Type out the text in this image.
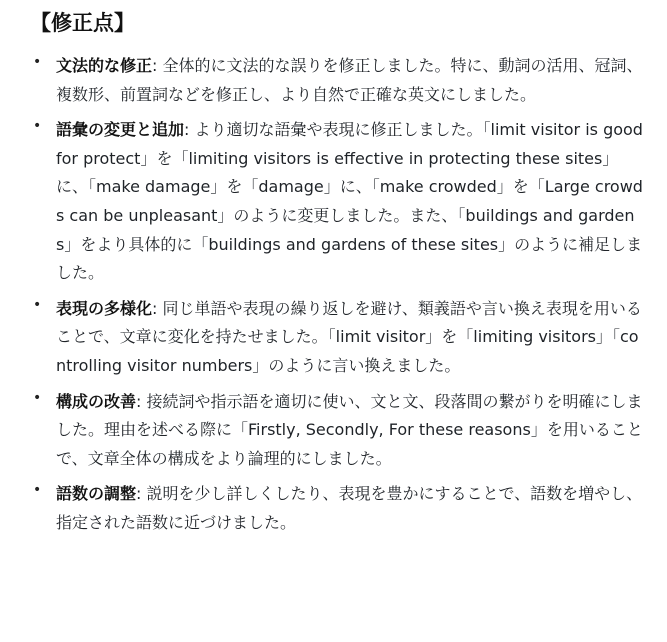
【修正点】
• 文法的な修正: 全体的に文法的な誤りを修正しました。特に、動詞の活用、冠詞、複数形、前置詞などを修正し、より自然で正確な英文にしました。
• 語彙の変更と追加: より適切な語彙や表現に修正しました。「limit visitor is good for protect」を「limiting visitors is effective in protecting these sites」に、「make damage」を「damage」に、「make crowded」を「Large crowds can be unpleasant」のように変更しました。また、「buildings and gardens」をより具体的に「buildings and gardens of these sites」のように補足しました。
• 表現の多様化: 同じ単語や表現の繰り返しを避け、類義語や言い換え表現を用いることで、文章に変化を持たせました。「limit visitor」を「limiting visitors」「controlling visitor numbers」のように言い換えました。
• 構成の改善: 接続詞や指示語を適切に使い、文と文、段落間の繋がりを明確にしました。理由を述べる際に「Firstly, Secondly, For these reasons」を用いることで、文章全体の構成をより論理的にしました。
• 語数の調整: 説明を少し詳しくしたり、表現を豊かにすることで、語数を増やし、指定された語数に近づけました。
